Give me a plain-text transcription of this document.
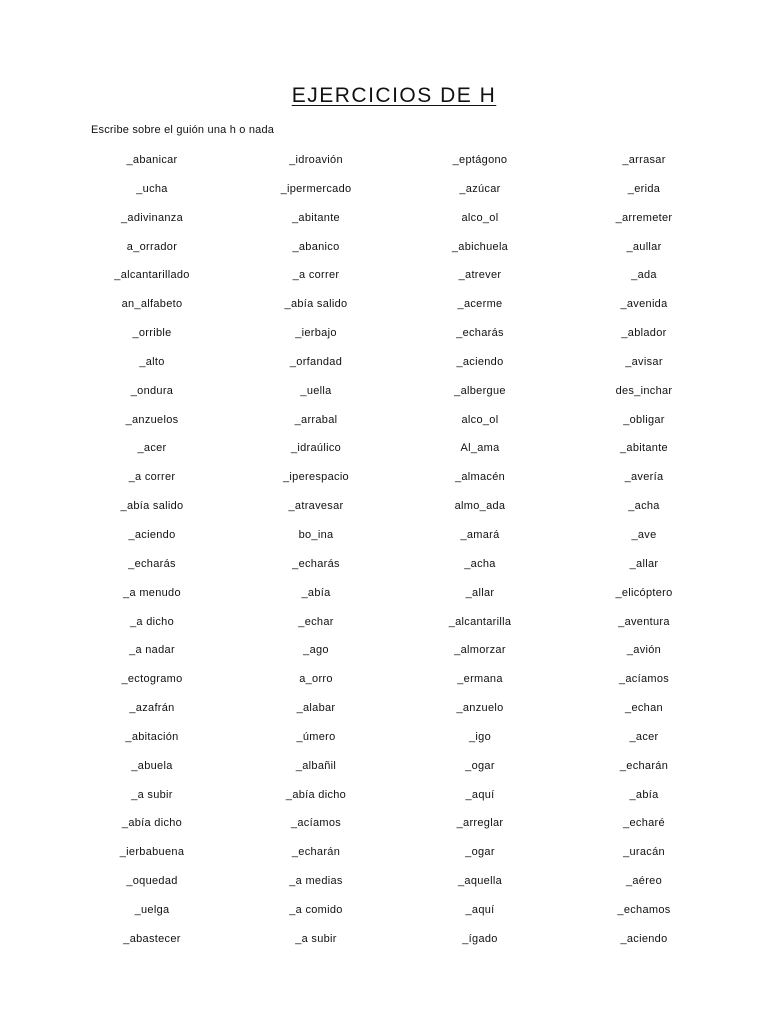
EJERCICIOS DE H
Escribe sobre el guión una h o nada
_abanicar	_idroavión	_eptágono	_arrasar
_ucha	_ipermercado	_azúcar	_erida
_adivinanza	_abitante	alco_ol	_arremeter
a_orrador	_abanico	_abichuela	_aullar
_alcantarillado	_a correr	_atrever	_ada
an_alfabeto	_abía salido	_acerme	_avenida
_orrible	_ierbajo	_echarás	_ablador
_alto	_orfandad	_aciendo	_avisar
_ondura	_uella	_albergue	des_inchar
_anzuelos	_arrabal	alco_ol	_obligar
_acer	_idraúlico	Al_ama	_abitante
_a correr	_iperespacio	_almacén	_avería
_abía salido	_atravesar	almo_ada	_acha
_aciendo	bo_ina	_amará	_ave
_echarás	_echarás	_acha	_allar
_a menudo	_abía	_allar	_elicóptero
_a dicho	_echar	_alcantarilla	_aventura
_a nadar	_ago	_almorzar	_avión
_ectogramo	a_orro	_ermana	_acíamos
_azafrán	_alabar	_anzuelo	_echan
_abitación	_úmero	_igo	_acer
_abuela	_albañil	_ogar	_echarán
_a subir	_abía dicho	_aquí	_abía
_abía dicho	_acíamos	_arreglar	_echaré
_ierbabuena	_echarán	_ogar	_uracán
_oquedad	_a medias	_aquella	_aéreo
_uelga	_a comido	_aquí	_echamos
_abastecer	_a subir	_ígado	_aciendo
